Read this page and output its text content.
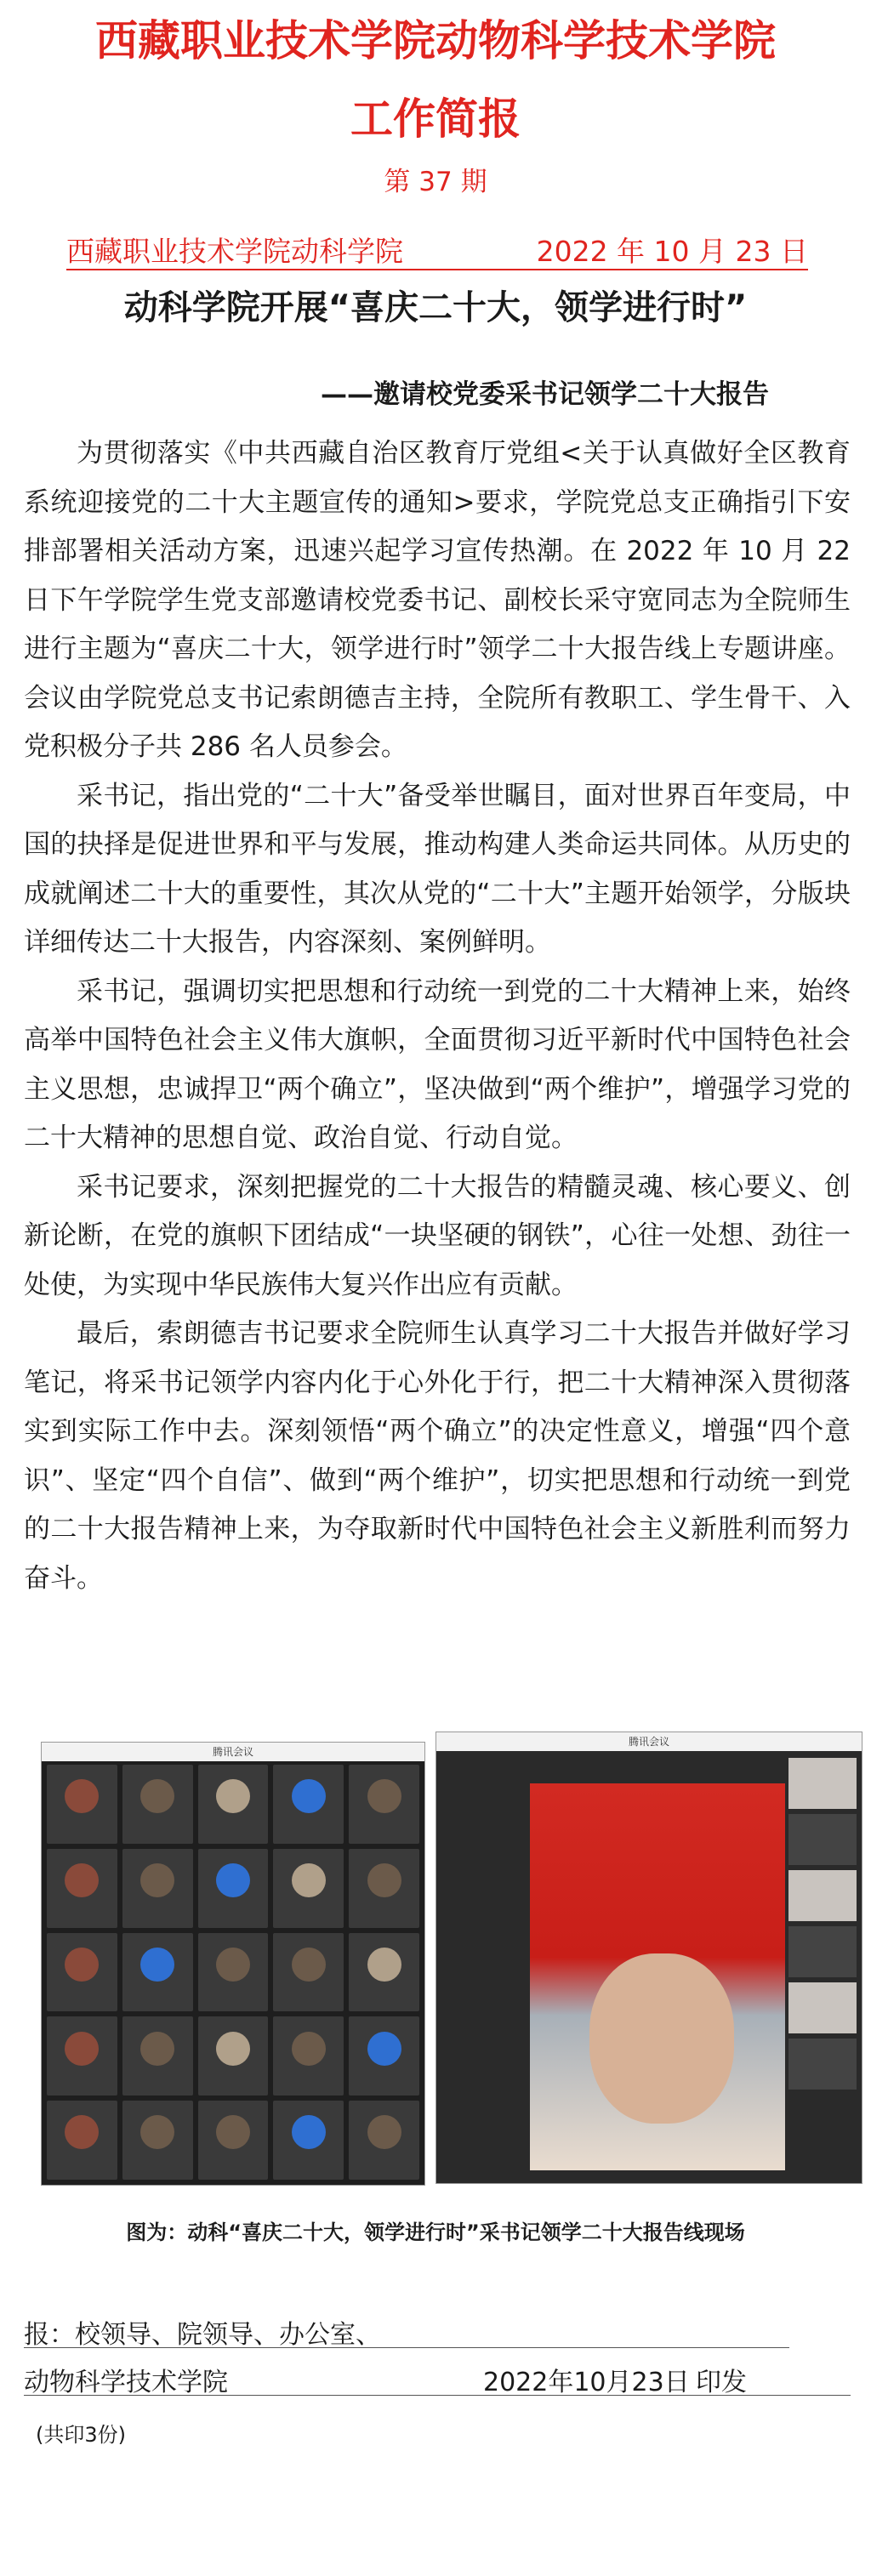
西藏职业技术学院动物科学技术学院
工作简报
第 37 期
西藏职业技术学院动科学院	2022 年 10 月 23 日
动科学院开展“喜庆二十大，领学进行时”
——邀请校党委采书记领学二十大报告

为贯彻落实《中共西藏自治区教育厅党组<关于认真做好全区教育系统迎接党的二十大主题宣传的通知>要求，学院党总支正确指引下安排部署相关活动方案，迅速兴起学习宣传热潮。在 2022 年 10 月 22 日下午学院学生党支部邀请校党委书记、副校长采守宽同志为全院师生进行主题为“喜庆二十大，领学进行时”领学二十大报告线上专题讲座。会议由学院党总支书记索朗德吉主持，全院所有教职工、学生骨干、入党积极分子共 286 名人员参会。

采书记，指出党的“二十大”备受举世瞩目，面对世界百年变局，中国的抉择是促进世界和平与发展，推动构建人类命运共同体。从历史的成就阐述二十大的重要性，其次从党的“二十大”主题开始领学，分版块详细传达二十大报告，内容深刻、案例鲜明。

采书记，强调切实把思想和行动统一到党的二十大精神上来，始终高举中国特色社会主义伟大旗帜，全面贯彻习近平新时代中国特色社会主义思想，忠诚捍卫“两个确立”，坚决做到“两个维护”，增强学习党的二十大精神的思想自觉、政治自觉、行动自觉。

采书记要求，深刻把握党的二十大报告的精髓灵魂、核心要义、创新论断，在党的旗帜下团结成“一块坚硬的钢铁”，心往一处想、劲往一处使，为实现中华民族伟大复兴作出应有贡献。

最后，索朗德吉书记要求全院师生认真学习二十大报告并做好学习笔记，将采书记领学内容内化于心外化于行，把二十大精神深入贯彻落实到实际工作中去。深刻领悟“两个确立”的决定性意义，增强“四个意识”、坚定“四个自信”、做到“两个维护”，切实把思想和行动统一到党的二十大报告精神上来，为夺取新时代中国特色社会主义新胜利而努力奋斗。

腾讯会议
腾讯会议
图为：动科“喜庆二十大，领学进行时”采书记领学二十大报告线现场
报：校领导、院领导、办公室、
动物科学技术学院	2022年10月23日 印发
(共印3份)
